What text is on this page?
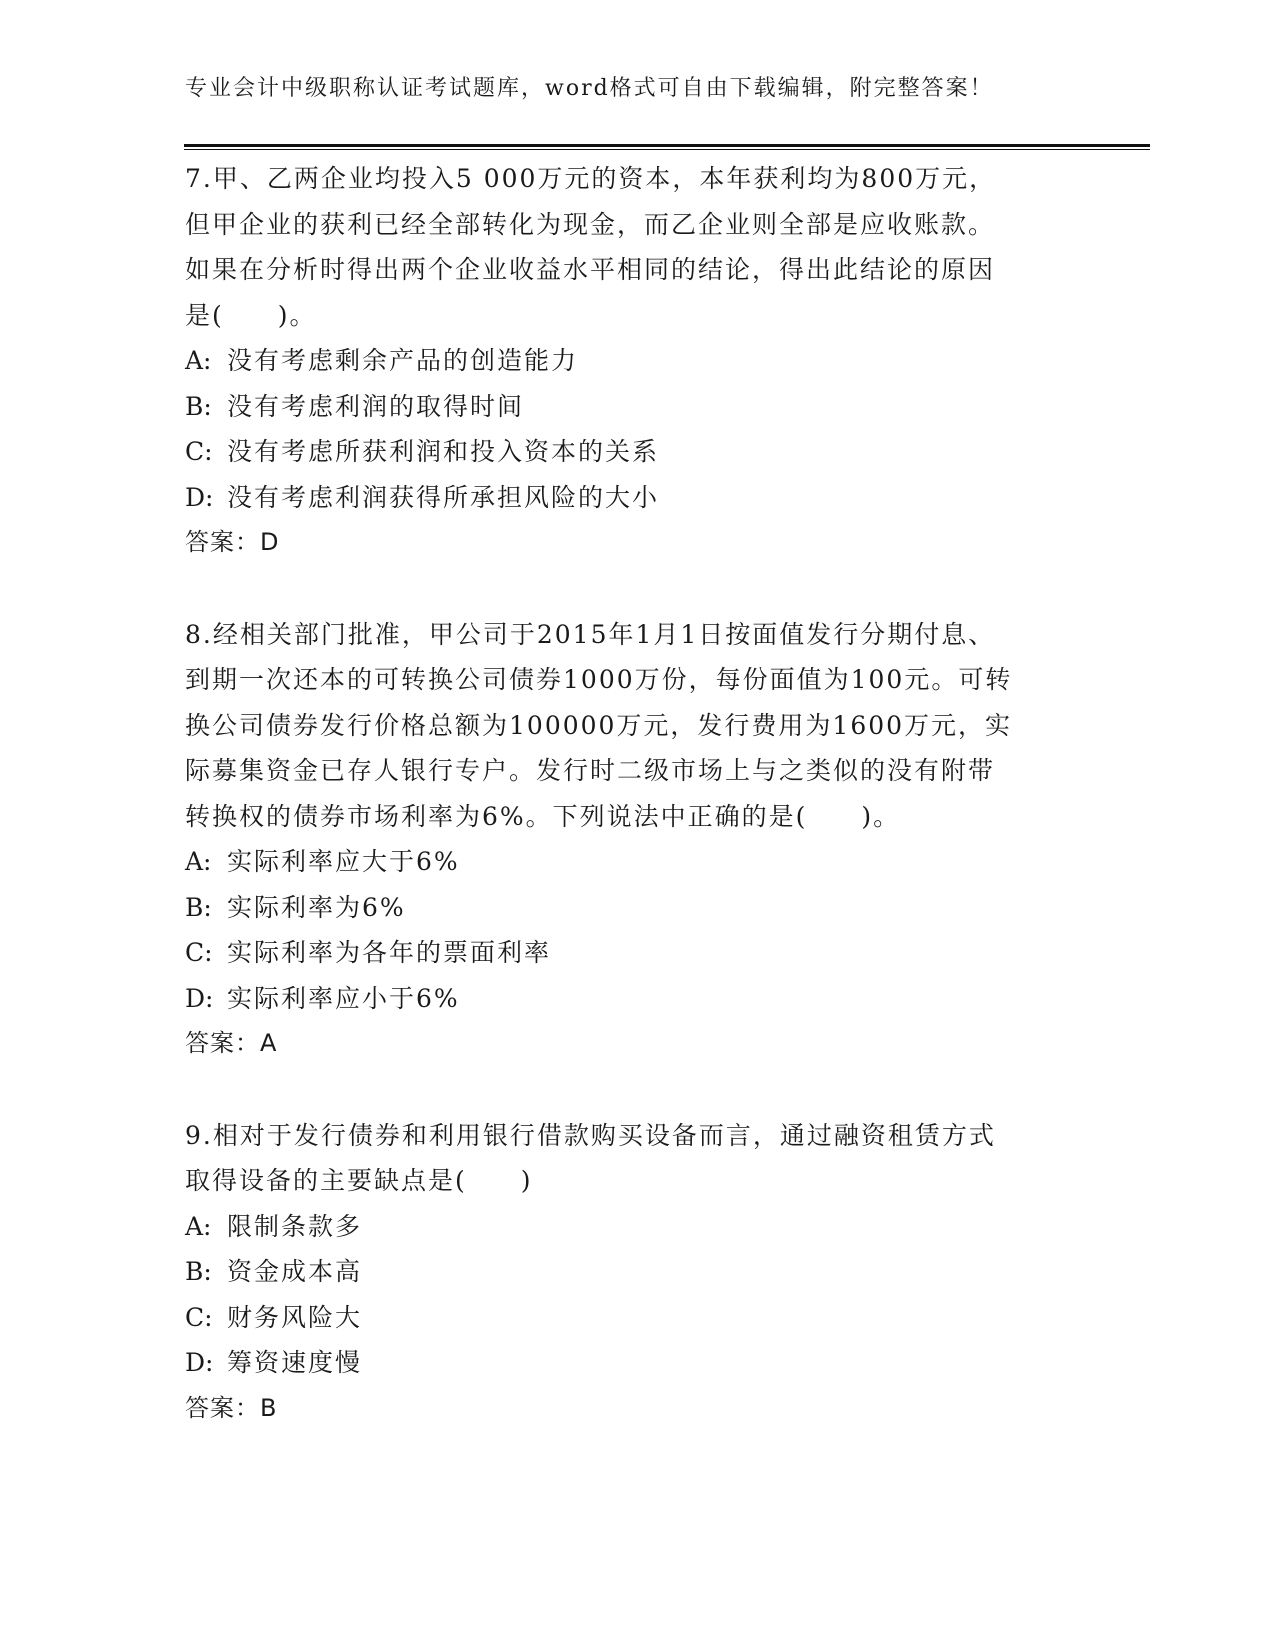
专业会计中级职称认证考试题库，word格式可自由下载编辑，附完整答案！
7.甲、乙两企业均投入5 000万元的资本，本年获利均为800万元，
但甲企业的获利已经全部转化为现金，而乙企业则全部是应收账款。
如果在分析时得出两个企业收益水平相同的结论，得出此结论的原因
是(　　)。
A: 没有考虑剩余产品的创造能力
B: 没有考虑利润的取得时间
C: 没有考虑所获利润和投入资本的关系
D: 没有考虑利润获得所承担风险的大小
答案：D
8.经相关部门批准，甲公司于2015年1月1日按面值发行分期付息、
到期一次还本的可转换公司债券1000万份，每份面值为100元。可转
换公司债券发行价格总额为100000万元，发行费用为1600万元，实
际募集资金已存人银行专户。发行时二级市场上与之类似的没有附带
转换权的债券市场利率为6%。下列说法中正确的是(　　)。
A: 实际利率应大于6%
B: 实际利率为6%
C: 实际利率为各年的票面利率
D: 实际利率应小于6%
答案：A
9.相对于发行债券和利用银行借款购买设备而言，通过融资租赁方式
取得设备的主要缺点是(　　)
A: 限制条款多
B: 资金成本高
C: 财务风险大
D: 筹资速度慢
答案：B
